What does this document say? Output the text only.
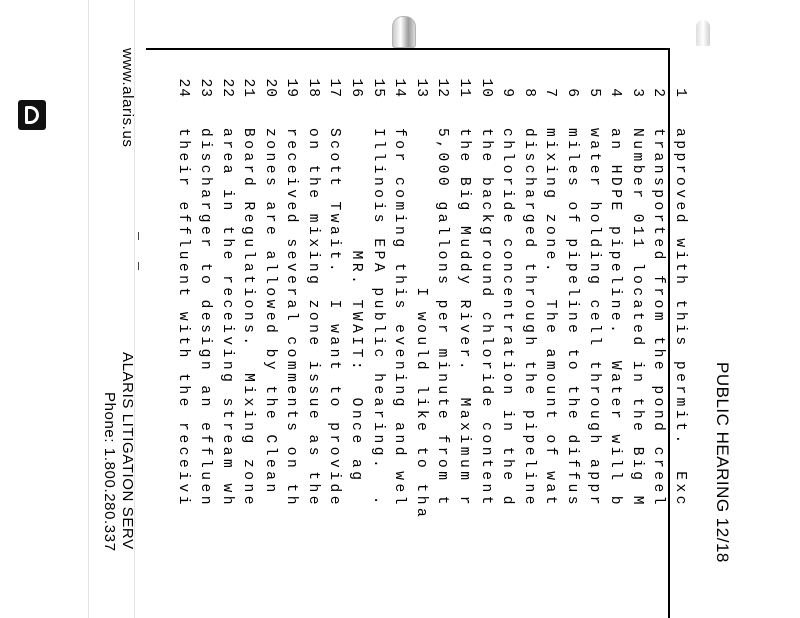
PUBLIC HEARING 12/18
1
approved with this permit.  Exc
2
transported from the pond creel
3
Number 011 located in the Big M
4
an HDPE pipeline.  Water will b
5
water holding cell through appr
6
miles of pipeline to the diffus
7
mixing zone.  The amount of wat
8
discharged through the pipeline
9
chloride concentration in the d
10
the background chloride content
11
the Big Muddy River.  Maximum r
12
5,000 gallons per minute from t
13
I would like to tha
14
for coming this evening and wel
15
Illinois EPA public hearing.  .
16
MR. TWAIT:  Once ag
17
Scott Twait.  I want to provide
18
on the mixing zone issue as the
19
received several comments on th
20
zones are allowed by the Clean
21
Board Regulations.  Mixing zone
22
area in the receiving stream wh
23
discharger to design an effluen
24
their effluent with the receivi
ALARIS LITIGATION SERV
Phone: 1.800.280.337
www.alaris.us
